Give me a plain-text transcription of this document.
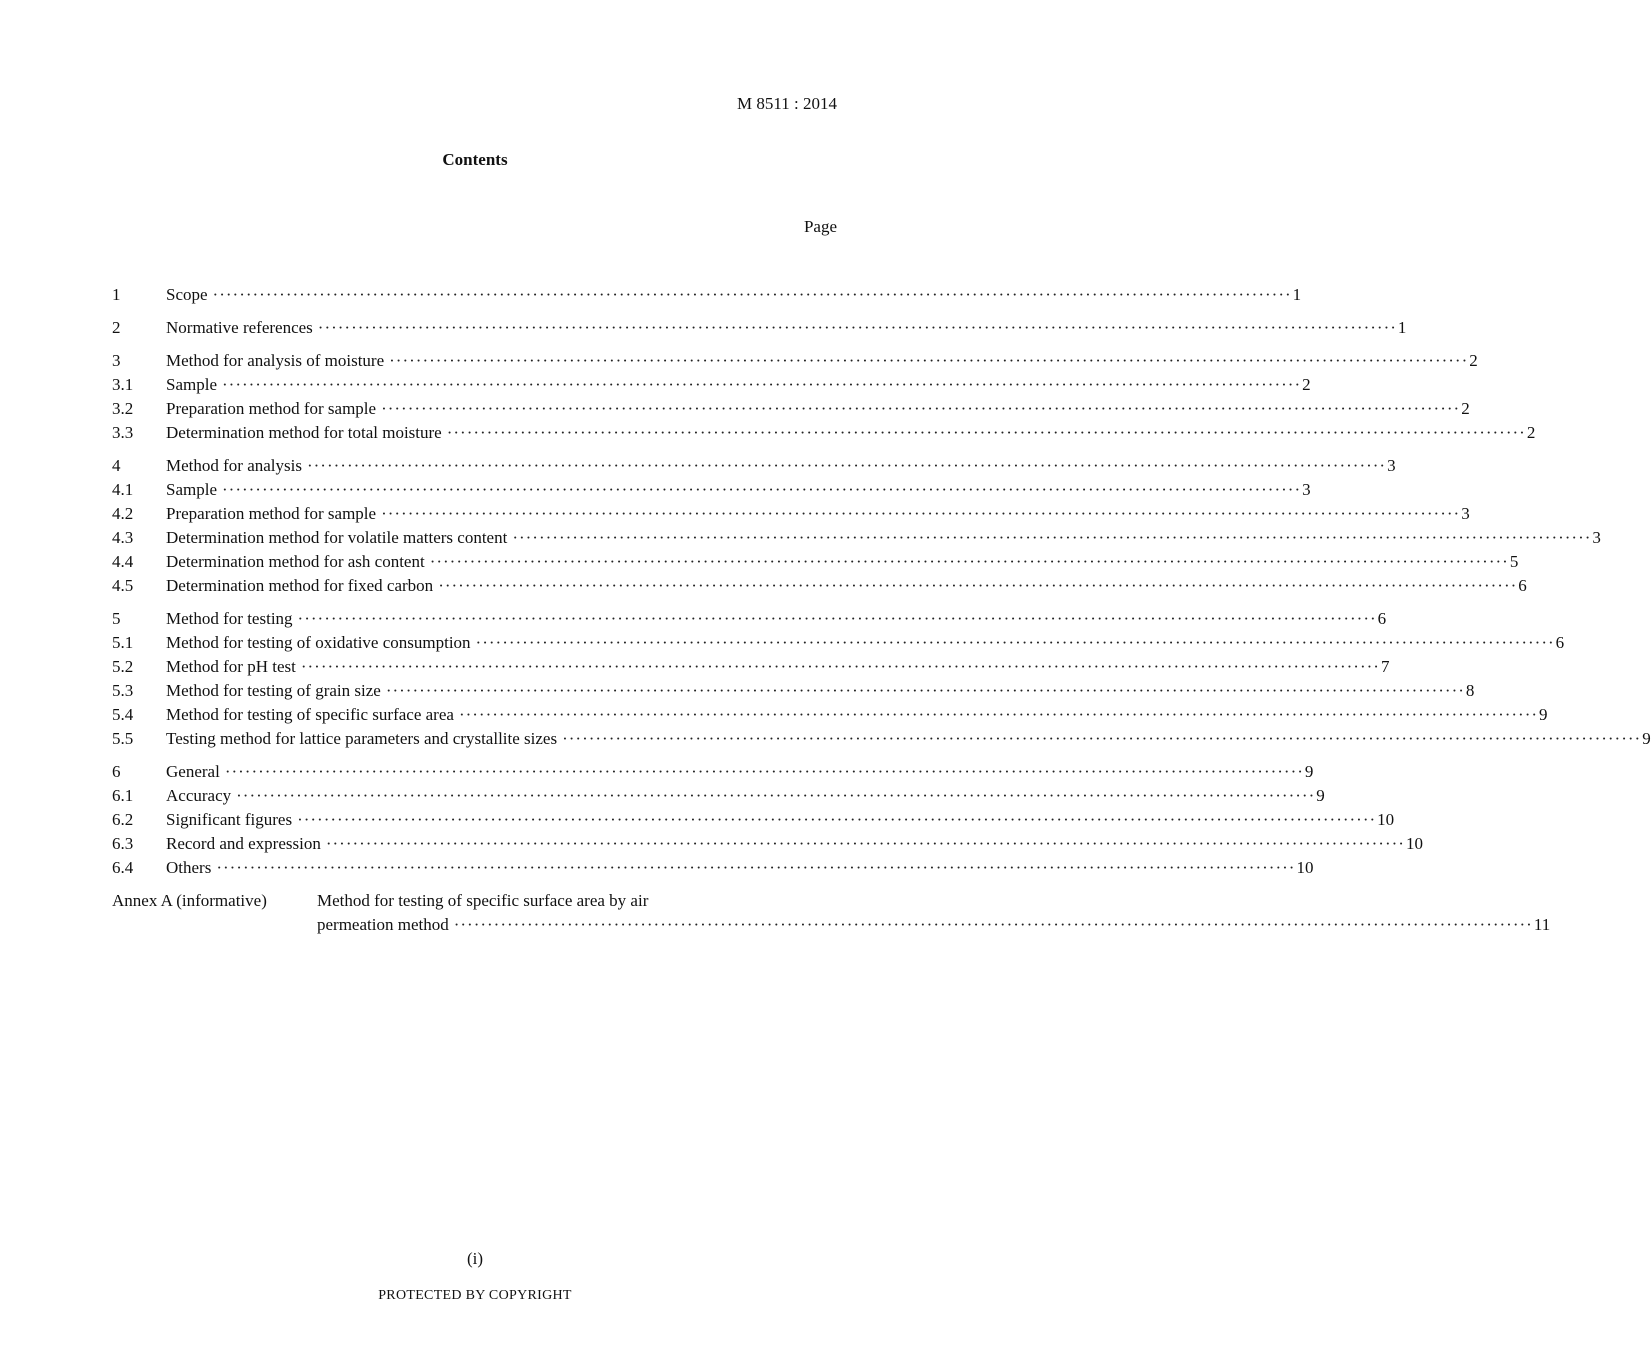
M 8511 : 2014
Contents
Page
1	Scope ·····	1
2	Normative references ·····	1
3	Method for analysis of moisture ·····	2
3.1	Sample ·····	2
3.2	Preparation method for sample ·····	2
3.3	Determination method for total moisture ·····	2
4	Method for analysis ·····	3
4.1	Sample ·····	3
4.2	Preparation method for sample ·····	3
4.3	Determination method for volatile matters content ·····	3
4.4	Determination method for ash content ·····	5
4.5	Determination method for fixed carbon ·····	6
5	Method for testing ·····	6
5.1	Method for testing of oxidative consumption ·····	6
5.2	Method for pH test ·····	7
5.3	Method for testing of grain size ·····	8
5.4	Method for testing of specific surface area ·····	9
5.5	Testing method for lattice parameters and crystallite sizes ·····	9
6	General ·····	9
6.1	Accuracy ·····	9
6.2	Significant figures ·····	10
6.3	Record and expression ·····	10
6.4	Others ·····	10
Annex A (informative)	Method for testing of specific surface area by air
permeation method ·····	11
(i)
PROTECTED BY COPYRIGHT
